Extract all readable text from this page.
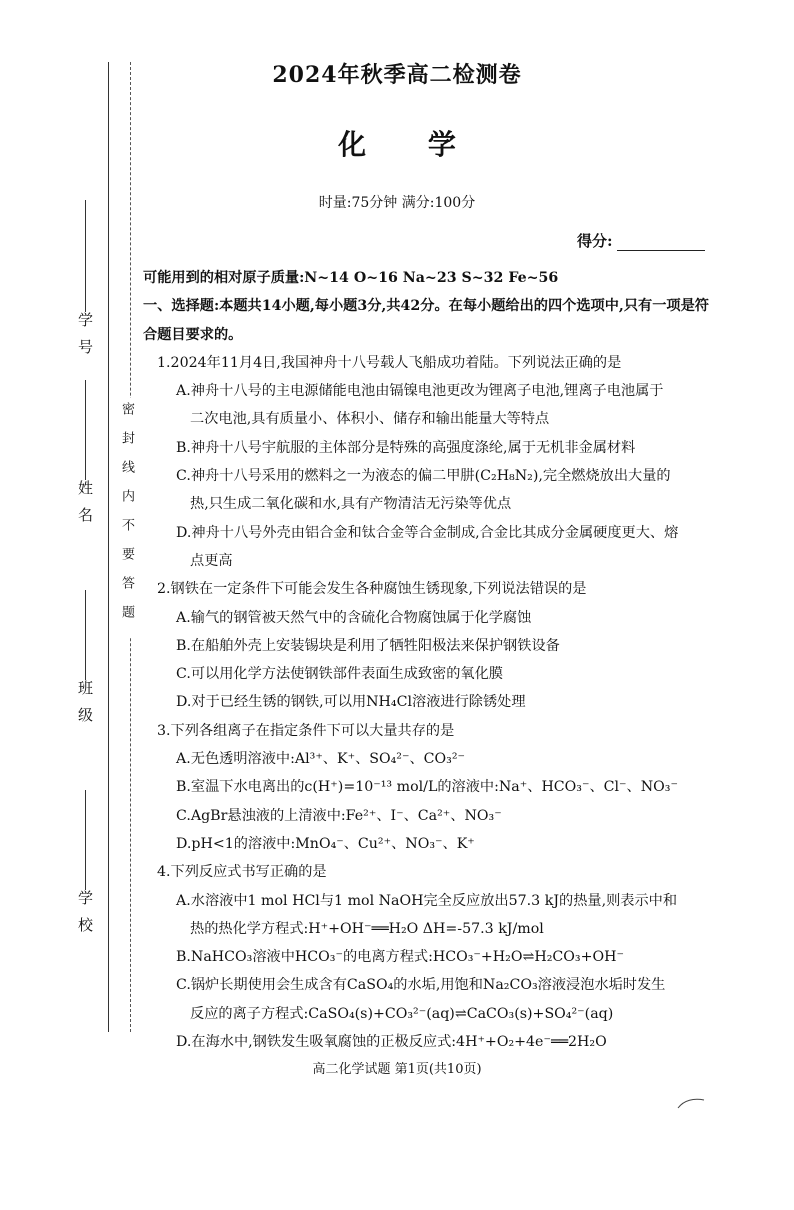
学号
姓名
班级
学校
密封线内不要答题
2024年秋季高二检测卷
化 学
时量:75分钟 满分:100分
得分:
可能用到的相对原子质量:N~14 O~16 Na~23 S~32 Fe~56
一、选择题:本题共14小题,每小题3分,共42分。在每小题给出的四个选项中,只有一项是符合题目要求的。
1.2024年11月4日,我国神舟十八号载人飞船成功着陆。下列说法正确的是
A.神舟十八号的主电源储能电池由镉镍电池更改为锂离子电池,锂离子电池属于
二次电池,具有质量小、体积小、储存和输出能量大等特点
B.神舟十八号宇航服的主体部分是特殊的高强度涤纶,属于无机非金属材料
C.神舟十八号采用的燃料之一为液态的偏二甲肼(C₂H₈N₂),完全燃烧放出大量的
热,只生成二氧化碳和水,具有产物清洁无污染等优点
D.神舟十八号外壳由铝合金和钛合金等合金制成,合金比其成分金属硬度更大、熔
点更高
2.钢铁在一定条件下可能会发生各种腐蚀生锈现象,下列说法错误的是
A.输气的钢管被天然气中的含硫化合物腐蚀属于化学腐蚀
B.在船舶外壳上安装锡块是利用了牺牲阳极法来保护钢铁设备
C.可以用化学方法使钢铁部件表面生成致密的氧化膜
D.对于已经生锈的钢铁,可以用NH₄Cl溶液进行除锈处理
3.下列各组离子在指定条件下可以大量共存的是
A.无色透明溶液中:Al³⁺、K⁺、SO₄²⁻、CO₃²⁻
B.室温下水电离出的c(H⁺)=10⁻¹³ mol/L的溶液中:Na⁺、HCO₃⁻、Cl⁻、NO₃⁻
C.AgBr悬浊液的上清液中:Fe²⁺、I⁻、Ca²⁺、NO₃⁻
D.pH<1的溶液中:MnO₄⁻、Cu²⁺、NO₃⁻、K⁺
4.下列反应式书写正确的是
A.水溶液中1 mol HCl与1 mol NaOH完全反应放出57.3 kJ的热量,则表示中和
热的热化学方程式:H⁺+OH⁻══H₂O ΔH=-57.3 kJ/mol
B.NaHCO₃溶液中HCO₃⁻的电离方程式:HCO₃⁻+H₂O⇌H₂CO₃+OH⁻
C.锅炉长期使用会生成含有CaSO₄的水垢,用饱和Na₂CO₃溶液浸泡水垢时发生
反应的离子方程式:CaSO₄(s)+CO₃²⁻(aq)⇌CaCO₃(s)+SO₄²⁻(aq)
D.在海水中,钢铁发生吸氧腐蚀的正极反应式:4H⁺+O₂+4e⁻══2H₂O
高二化学试题 第1页(共10页)
